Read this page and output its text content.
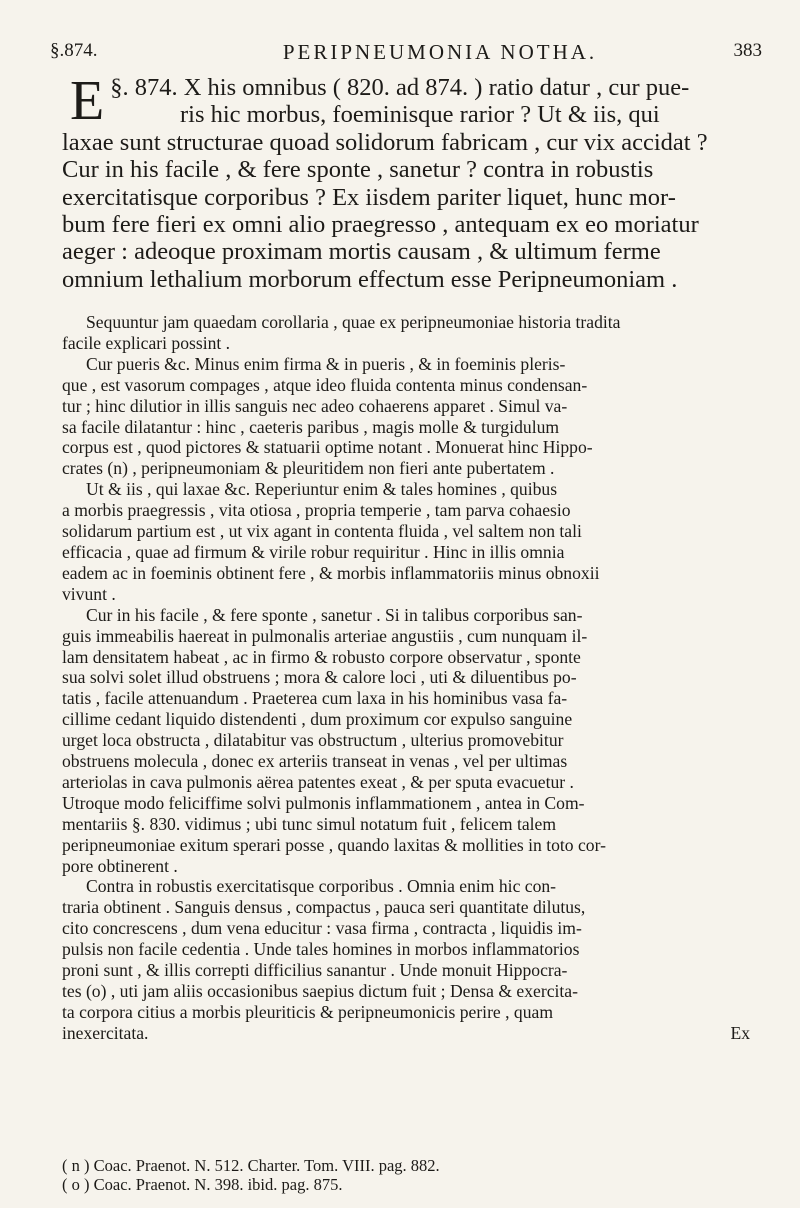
§.874.	PERIPNEUMONIA NOTHA.	383
§. 874.
E	X his omnibus ( 820. ad 874. ) ratio datur , cur pue-
ris hic morbus, foeminisque rarior ? Ut & iis, qui
laxae sunt structurae quoad solidorum fabricam , cur vix accidat ?
Cur in his facile , & fere sponte , sanetur ? contra in robustis
exercitatisque corporibus ? Ex iisdem pariter liquet, hunc mor-
bum fere fieri ex omni alio praegresso , antequam ex eo moriatur
aeger : adeoque proximam mortis causam , & ultimum ferme
omnium lethalium morborum effectum esse Peripneumoniam .
Sequuntur jam quaedam corollaria , quae ex peripneumoniae historia tradita
facile explicari possint .
Cur pueris &c. Minus enim firma & in pueris , & in foeminis pleris-
que , est vasorum compages , atque ideo fluida contenta minus condensan-
tur ; hinc dilutior in illis sanguis nec adeo cohaerens apparet . Simul va-
sa facile dilatantur : hinc , caeteris paribus , magis molle & turgidulum
corpus est , quod pictores & statuarii optime notant . Monuerat hinc Hippo-
crates (n) , peripneumoniam & pleuritidem non fieri ante pubertatem .
Ut & iis , qui laxae &c. Reperiuntur enim & tales homines , quibus
a morbis praegressis , vita otiosa , propria temperie , tam parva cohaesio
solidarum partium est , ut vix agant in contenta fluida , vel saltem non tali
efficacia , quae ad firmum & virile robur requiritur . Hinc in illis omnia
eadem ac in foeminis obtinent fere , & morbis inflammatoriis minus obnoxii
vivunt .
Cur in his facile , & fere sponte , sanetur . Si in talibus corporibus san-
guis immeabilis haereat in pulmonalis arteriae angustiis , cum nunquam il-
lam densitatem habeat , ac in firmo & robusto corpore observatur , sponte
sua solvi solet illud obstruens ; mora & calore loci , uti & diluentibus po-
tatis , facile attenuandum . Praeterea cum laxa in his hominibus vasa fa-
cillime cedant liquido distendenti , dum proximum cor expulso sanguine
urget loca obstructa , dilatabitur vas obstructum , ulterius promovebitur
obstruens molecula , donec ex arteriis transeat in venas , vel per ultimas
arteriolas in cava pulmonis aërea patentes exeat , & per sputa evacuetur .
Utroque modo feliciffime solvi pulmonis inflammationem , antea in Com-
mentariis §. 830. vidimus ; ubi tunc simul notatum fuit , felicem talem
peripneumoniae exitum sperari posse , quando laxitas & mollities in toto cor-
pore obtinerent .
Contra in robustis exercitatisque corporibus . Omnia enim hic con-
traria obtinent . Sanguis densus , compactus , pauca seri quantitate dilutus,
cito concrescens , dum vena educitur : vasa firma , contracta , liquidis im-
pulsis non facile cedentia . Unde tales homines in morbos inflammatorios
proni sunt , & illis correpti difficilius sanantur . Unde monuit Hippocra-
tes (o) , uti jam aliis occasionibus saepius dictum fuit ; Densa & exercita-
ta corpora citius a morbis pleuriticis & peripneumonicis perire , quam
inexercitata.	Ex
( n ) Coac. Praenot. N. 512. Charter. Tom. VIII. pag. 882.
( o ) Coac. Praenot. N. 398. ibid. pag. 875.
